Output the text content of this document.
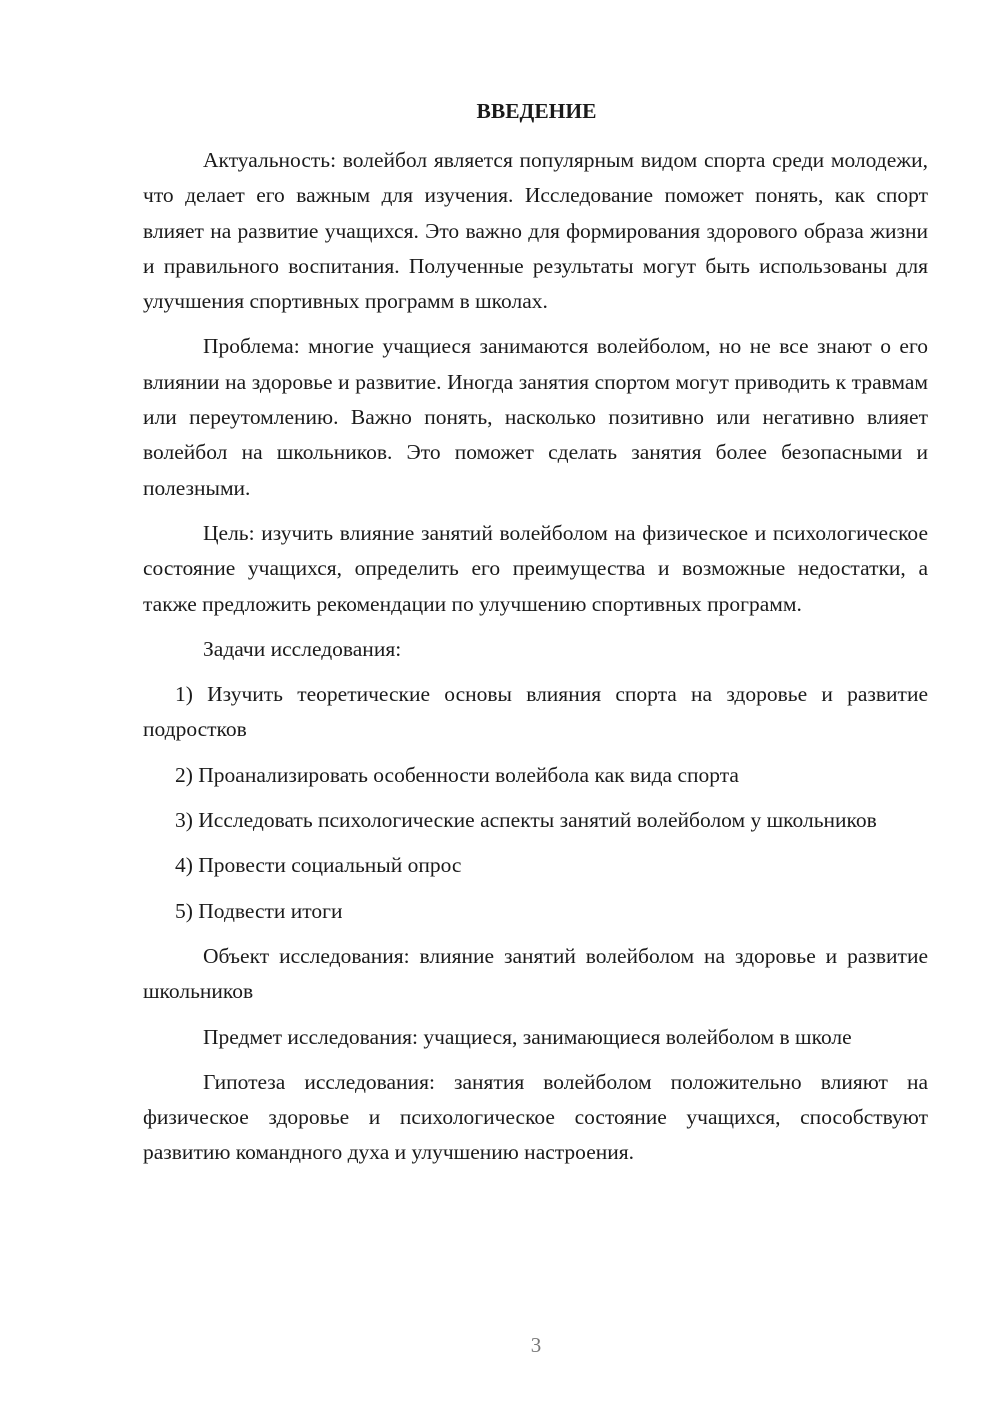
ВВЕДЕНИЕ

Актуальность: волейбол является популярным видом спорта среди молодежи, что делает его важным для изучения. Исследование поможет понять, как спорт влияет на развитие учащихся. Это важно для формирования здорового образа жизни и правильного воспитания. Полученные результаты могут быть использованы для улучшения спортивных программ в школах.

Проблема: многие учащиеся занимаются волейболом, но не все знают о его влиянии на здоровье и развитие. Иногда занятия спортом могут приводить к травмам или переутомлению. Важно понять, насколько позитивно или негативно влияет волейбол на школьников. Это поможет сделать занятия более безопасными и полезными.

Цель: изучить влияние занятий волейболом на физическое и психологическое состояние учащихся, определить его преимущества и возможные недостатки, а также предложить рекомендации по улучшению спортивных программ.

Задачи исследования:

1) Изучить теоретические основы влияния спорта на здоровье и развитие подростков

2) Проанализировать особенности волейбола как вида спорта

3) Исследовать психологические аспекты занятий волейболом у школьников

4) Провести социальный опрос

5) Подвести итоги

Объект исследования: влияние занятий волейболом на здоровье и развитие школьников

Предмет исследования: учащиеся, занимающиеся волейболом в школе

Гипотеза исследования: занятия волейболом положительно влияют на физическое здоровье и психологическое состояние учащихся, способствуют развитию командного духа и улучшению настроения.

3
